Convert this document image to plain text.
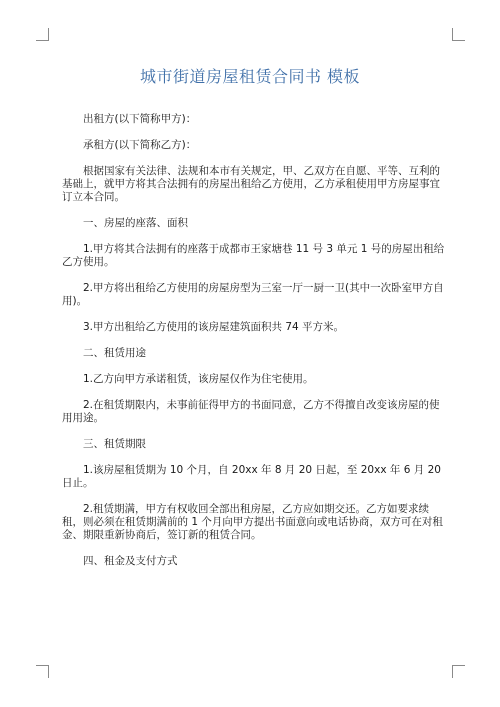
城市街道房屋租赁合同书 模板

出租方(以下简称甲方)：

承租方(以下简称乙方)：

根据国家有关法律、法规和本市有关规定，甲、乙双方在自愿、平等、互利的基础上，就甲方将其合法拥有的房屋出租给乙方使用，乙方承租使用甲方房屋事宜订立本合同。

一、房屋的座落、面积

1.甲方将其合法拥有的座落于成都市王家塘巷 11 号 3 单元 1 号的房屋出租给乙方使用。

2.甲方将出租给乙方使用的房屋房型为三室一厅一厨一卫(其中一次卧室甲方自用)。

3.甲方出租给乙方使用的该房屋建筑面积共 74 平方米。

二、租赁用途

1.乙方向甲方承诺租赁，该房屋仅作为住宅使用。

2.在租赁期限内，未事前征得甲方的书面同意，乙方不得擅自改变该房屋的使用用途。

三、租赁期限

1.该房屋租赁期为 10 个月，自 20xx 年 8 月 20 日起，至 20xx 年 6 月 20 日止。

2.租赁期满，甲方有权收回全部出租房屋，乙方应如期交还。乙方如要求续租，则必须在租赁期满前的 1 个月向甲方提出书面意向或电话协商，双方可在对租金、期限重新协商后，签订新的租赁合同。

四、租金及支付方式
